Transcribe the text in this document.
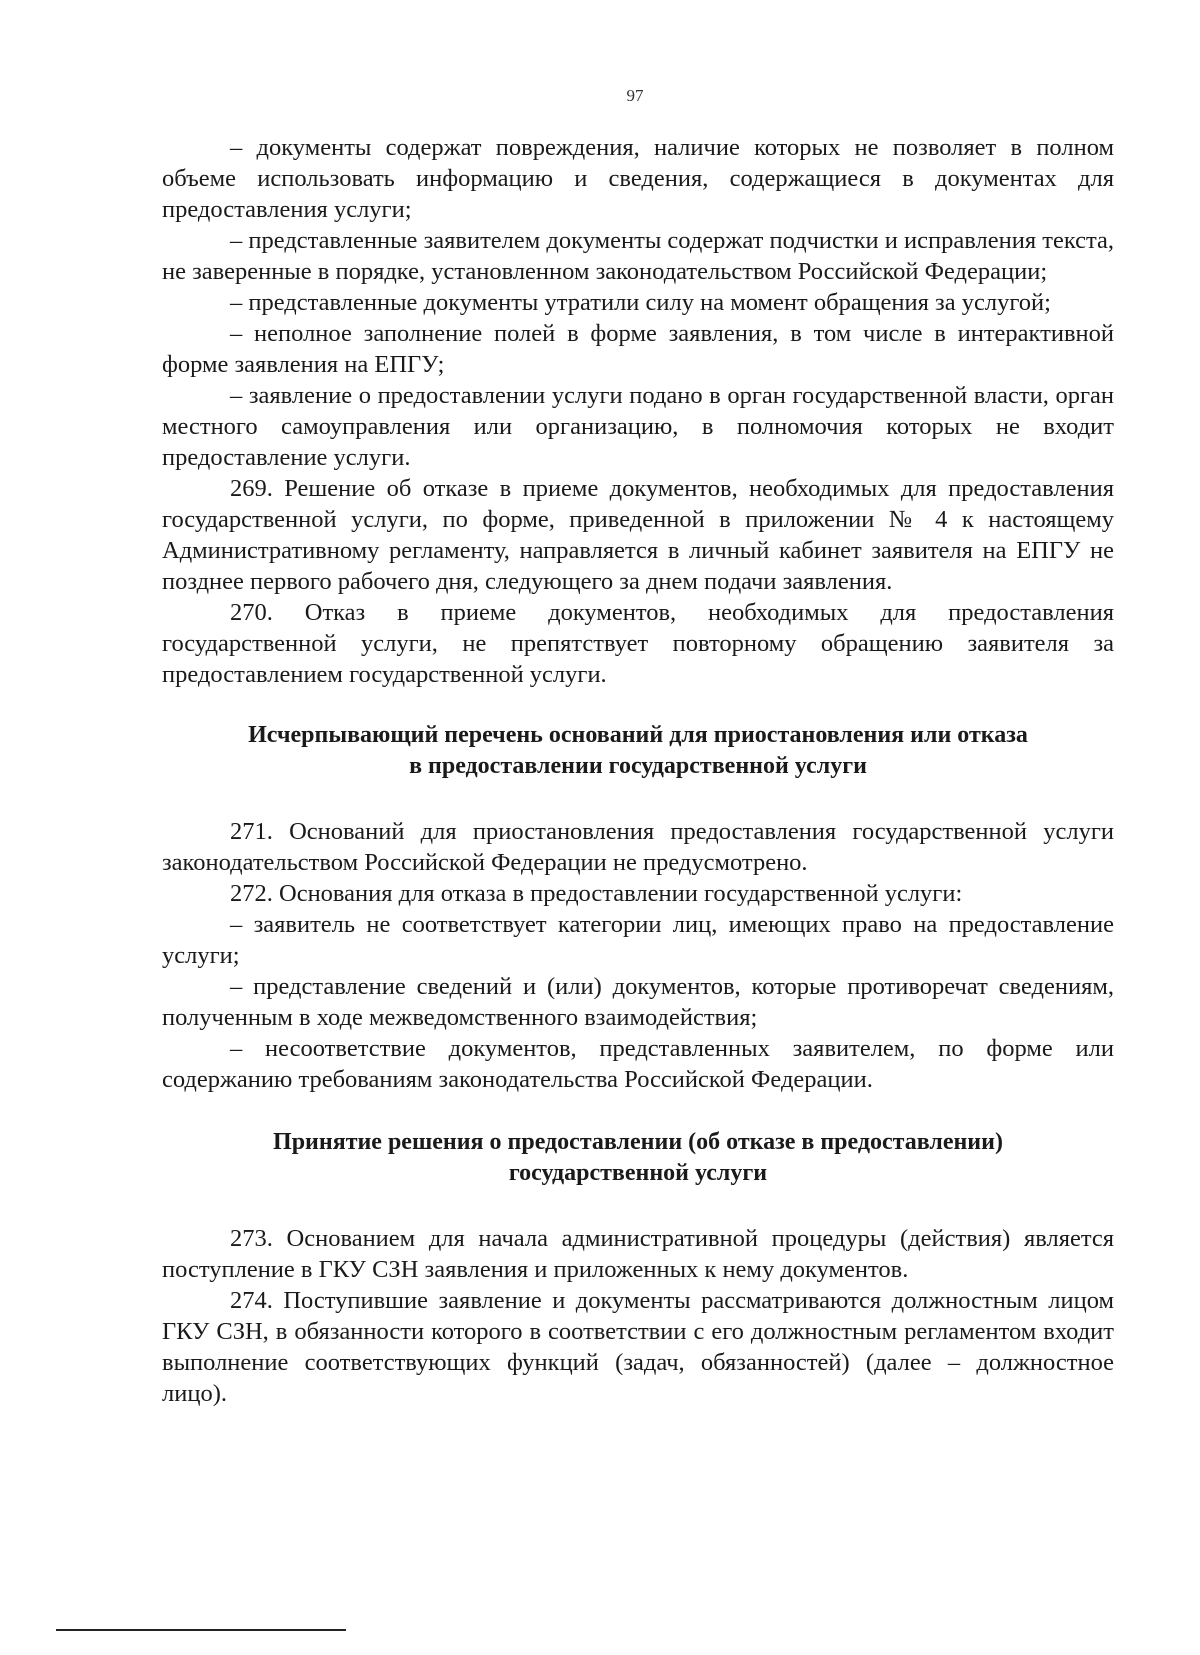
97

– документы содержат повреждения, наличие которых не позволяет в полном объеме использовать информацию и сведения, содержащиеся в документах для предоставления услуги;

– представленные заявителем документы содержат подчистки и исправления текста, не заверенные в порядке, установленном законодательством Российской Федерации;

– представленные документы утратили силу на момент обращения за услугой;

– неполное заполнение полей в форме заявления, в том числе в интерактивной форме заявления на ЕПГУ;

– заявление о предоставлении услуги подано в орган государственной власти, орган местного самоуправления или организацию, в полномочия которых не входит предоставление услуги.

269. Решение об отказе в приеме документов, необходимых для предоставления государственной услуги, по форме, приведенной в приложении № 4 к настоящему Административному регламенту, направляется в личный кабинет заявителя на ЕПГУ не позднее первого рабочего дня, следующего за днем подачи заявления.

270. Отказ в приеме документов, необходимых для предоставления государственной услуги, не препятствует повторному обращению заявителя за предоставлением государственной услуги.

Исчерпывающий перечень оснований для приостановления или отказа
в предоставлении государственной услуги

271. Оснований для приостановления предоставления государственной услуги законодательством Российской Федерации не предусмотрено.

272. Основания для отказа в предоставлении государственной услуги:

– заявитель не соответствует категории лиц, имеющих право на предоставление услуги;

– представление сведений и (или) документов, которые противоречат сведениям, полученным в ходе межведомственного взаимодействия;

– несоответствие документов, представленных заявителем, по форме или содержанию требованиям законодательства Российской Федерации.

Принятие решения о предоставлении (об отказе в предоставлении)
государственной услуги

273. Основанием для начала административной процедуры (действия) является поступление в ГКУ СЗН заявления и приложенных к нему документов.

274. Поступившие заявление и документы рассматриваются должностным лицом ГКУ СЗН, в обязанности которого в соответствии с его должностным регламентом входит выполнение соответствующих функций (задач, обязанностей) (далее – должностное лицо).
